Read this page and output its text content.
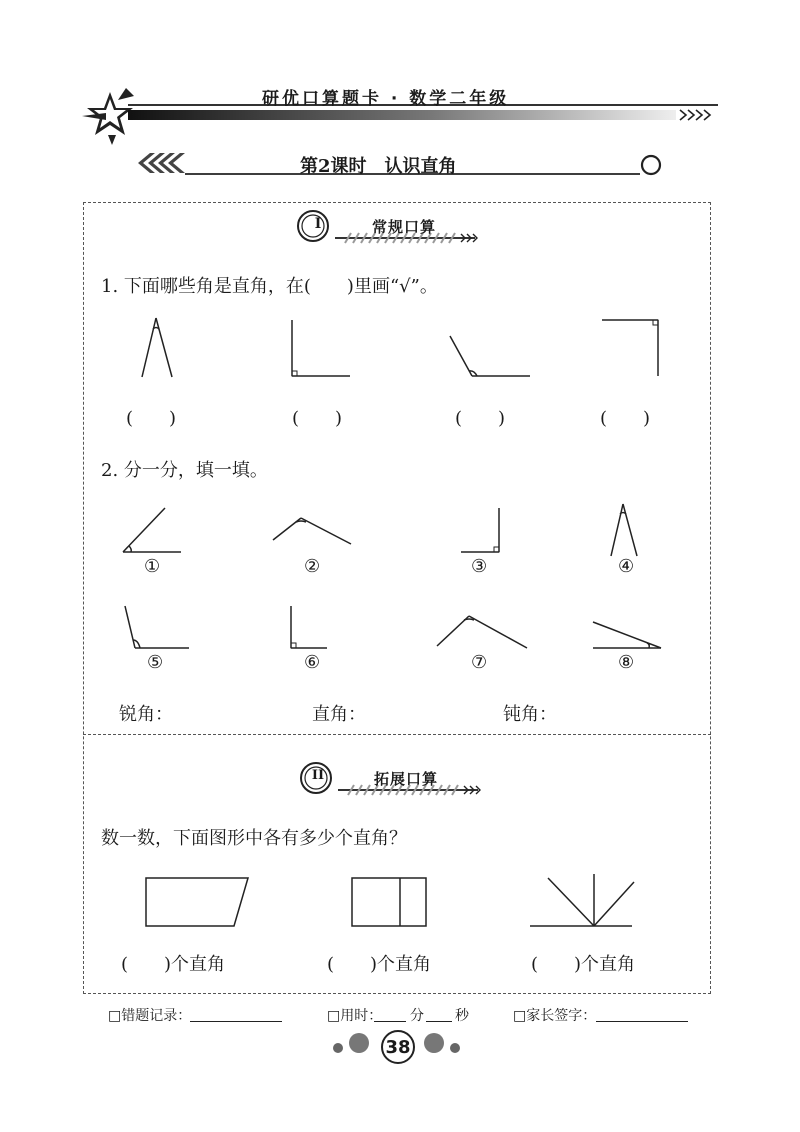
研优口算题卡 · 数学二年级
第2课时　认识直角
I	常规口算
1. 下面哪些角是直角，在(　　)里画“√”。
(　　)	(　　)	(　　)	(　　)
2. 分一分，填一填。
①	②	③	④
⑤	⑥	⑦	⑧
锐角：	直角：	钝角：
II	拓展口算
数一数，下面图形中各有多少个直角？
(　　)个直角	(　　)个直角	(　　)个直角
□错题记录：	□用时： 分 秒	□家长签字：
38
